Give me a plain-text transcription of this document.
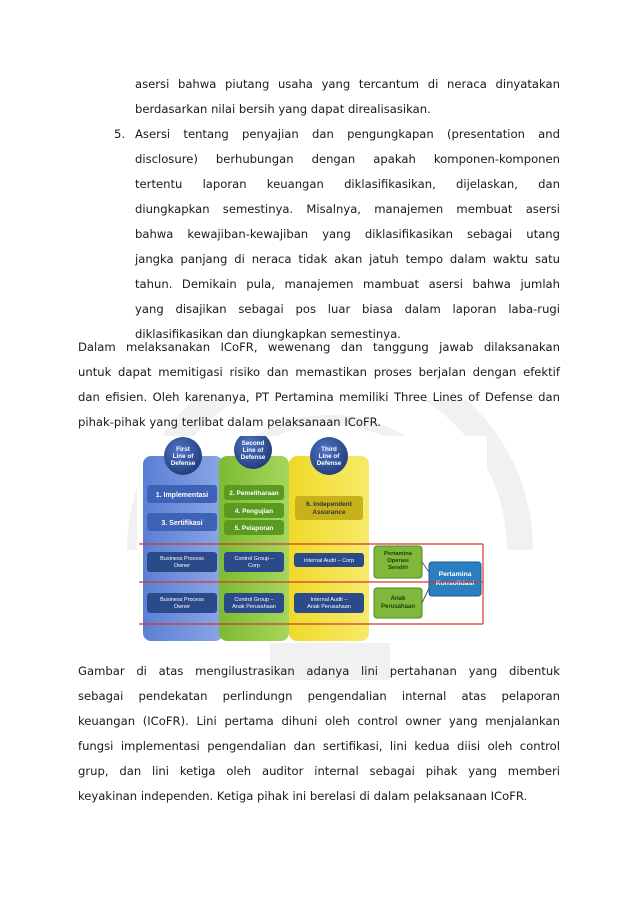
asersi bahwa piutang usaha yang tercantum di neraca dinyatakan
berdasarkan nilai bersih yang dapat direalisasikan.
5. Asersi tentang penyajian dan pengungkapan (presentation and
disclosure) berhubungan dengan apakah komponen-komponen
tertentu laporan keuangan diklasifikasikan, dijelaskan, dan
diungkapkan semestinya. Misalnya, manajemen membuat asersi
bahwa kewajiban-kewajiban yang diklasifikasikan sebagai utang
jangka panjang di neraca tidak akan jatuh tempo dalam waktu satu
tahun. Demikain pula, manajemen mambuat asersi bahwa jumlah
yang disajikan sebagai pos luar biasa dalam laporan laba-rugi
diklasifikasikan dan diungkapkan semestinya.
Dalam melaksanakan ICoFR, wewenang dan tanggung jawab dilaksanakan
untuk dapat memitigasi risiko dan memastikan proses berjalan dengan efektif
dan efisien. Oleh karenanya, PT Pertamina memiliki Three Lines of Defense dan
pihak-pihak yang terlibat dalam pelaksanaan ICoFR.
First Line of Defense
Second Line of Defense
Third Line of Defense
1. Implementasi
3. Sertifikasi
2. Pemeliharaan
4. Pengujian
5. Pelaporan
6. Independent Assurance
Business Process Owner
Control Group – Corp
Internal Audit – Corp
Business Process Owner
Control Group – Anak Perusahaan
Internal Audit – Anak Perusahaan
Pertamina Operasi Sendiri
Anak Perusahaan
Pertamina Konsolidasi
Gambar di atas mengilustrasikan adanya lini pertahanan yang dibentuk
sebagai pendekatan perlindungn pengendalian internal atas pelaporan
keuangan (ICoFR). Lini pertama dihuni oleh control owner yang menjalankan
fungsi implementasi pengendalian dan sertifikasi, lini kedua diisi oleh control
grup, dan lini ketiga oleh auditor internal sebagai pihak yang memberi
keyakinan independen. Ketiga pihak ini berelasi di dalam pelaksanaan ICoFR.
